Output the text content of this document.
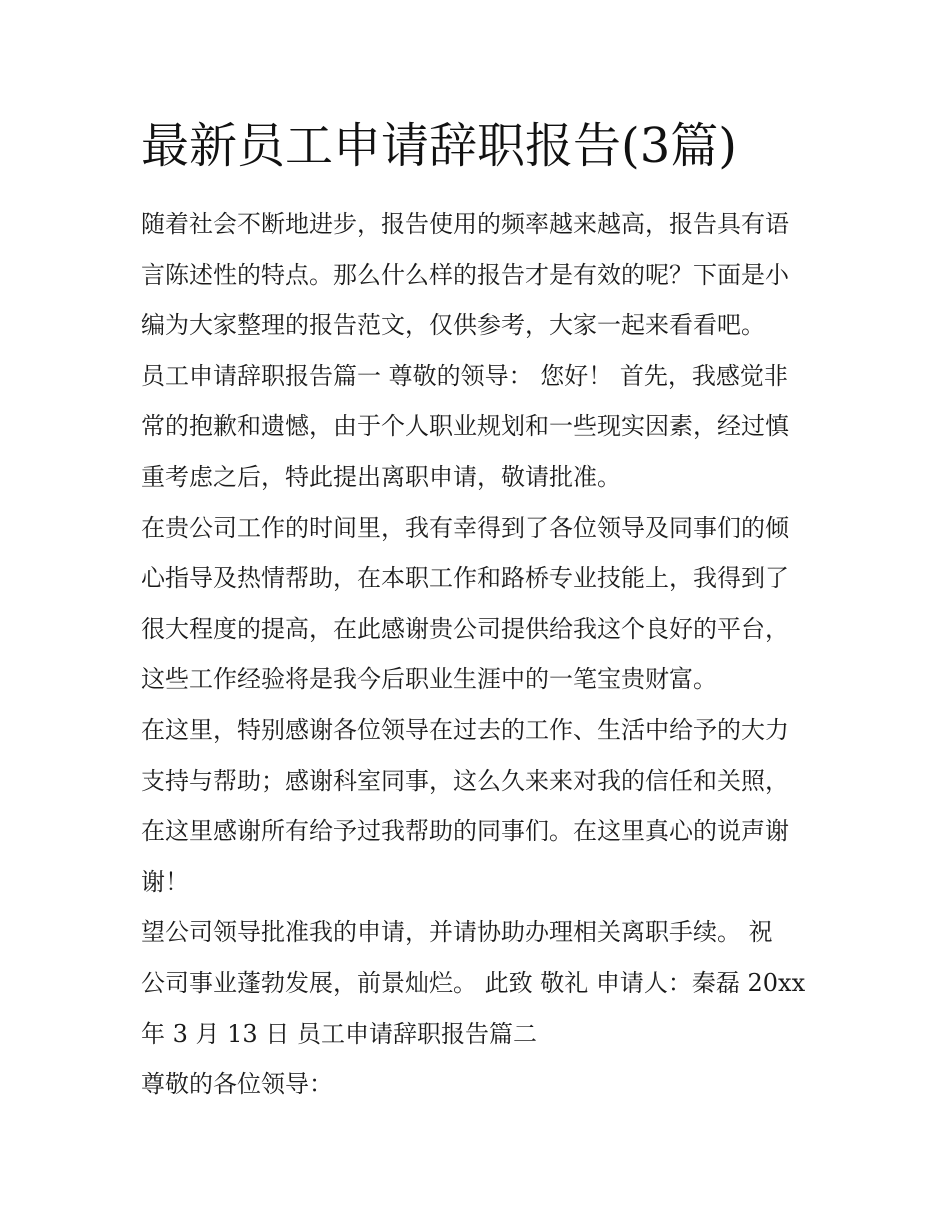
最新员工申请辞职报告(3篇)
随着社会不断地进步，报告使用的频率越来越高，报告具有语
言陈述性的特点。那么什么样的报告才是有效的呢？下面是小
编为大家整理的报告范文，仅供参考，大家一起来看看吧。
员工申请辞职报告篇一 尊敬的领导： 您好！ 首先，我感觉非
常的抱歉和遗憾，由于个人职业规划和一些现实因素，经过慎
重考虑之后，特此提出离职申请，敬请批准。
在贵公司工作的时间里，我有幸得到了各位领导及同事们的倾
心指导及热情帮助，在本职工作和路桥专业技能上，我得到了
很大程度的提高，在此感谢贵公司提供给我这个良好的平台，
这些工作经验将是我今后职业生涯中的一笔宝贵财富。
在这里，特别感谢各位领导在过去的工作、生活中给予的大力
支持与帮助；感谢科室同事，这么久来来对我的信任和关照，
在这里感谢所有给予过我帮助的同事们。在这里真心的说声谢
谢！
望公司领导批准我的申请，并请协助办理相关离职手续。 祝
公司事业蓬勃发展，前景灿烂。 此致 敬礼 申请人：秦磊 20xx
年 3 月 13 日 员工申请辞职报告篇二
尊敬的各位领导：
